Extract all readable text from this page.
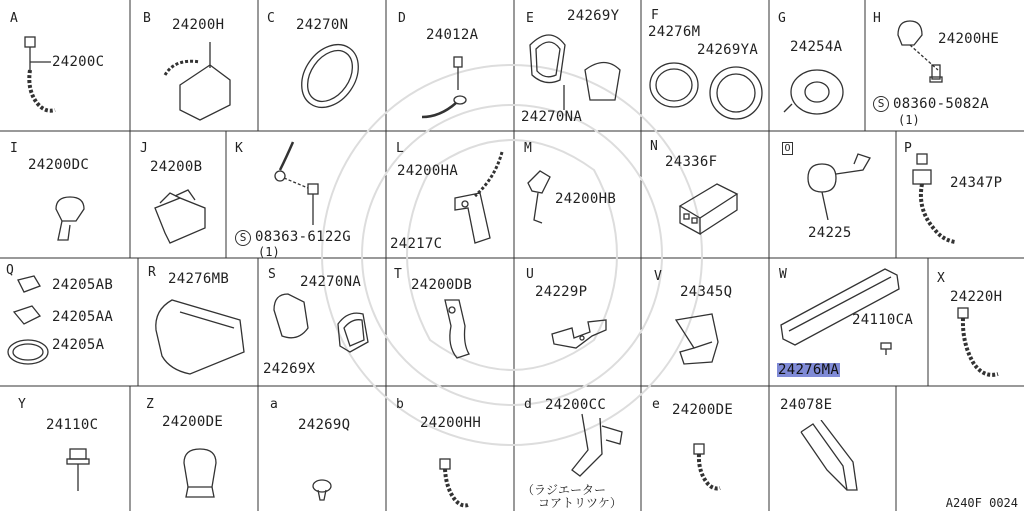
A
24200C
B 24200H	C 24270N	D
24012A
E 24269Y
24270NA
F
24276M
24269YA
G
24254A
H
24200HE
S 08360-5082A
(1)
I
24200DC
J
24200B
K
S 08363-6122G
(1)
L
24200HA
24217C
M
24200HB
N
24336F
O
24225
P
24347P
Q
24205AB
24205AA
24205A
R 24276MB	S 24270NA
24269X
T
24200DB
U
24229P
V
24345Q
W
24110CA
24276MA
X
24220H
Y
24110C
Z
24200DE
a
24269Q
b
24200HH
d 24200CC
（ラジエーター
コアトリツケ）
e 24200DE	24078E
A240F 0024
